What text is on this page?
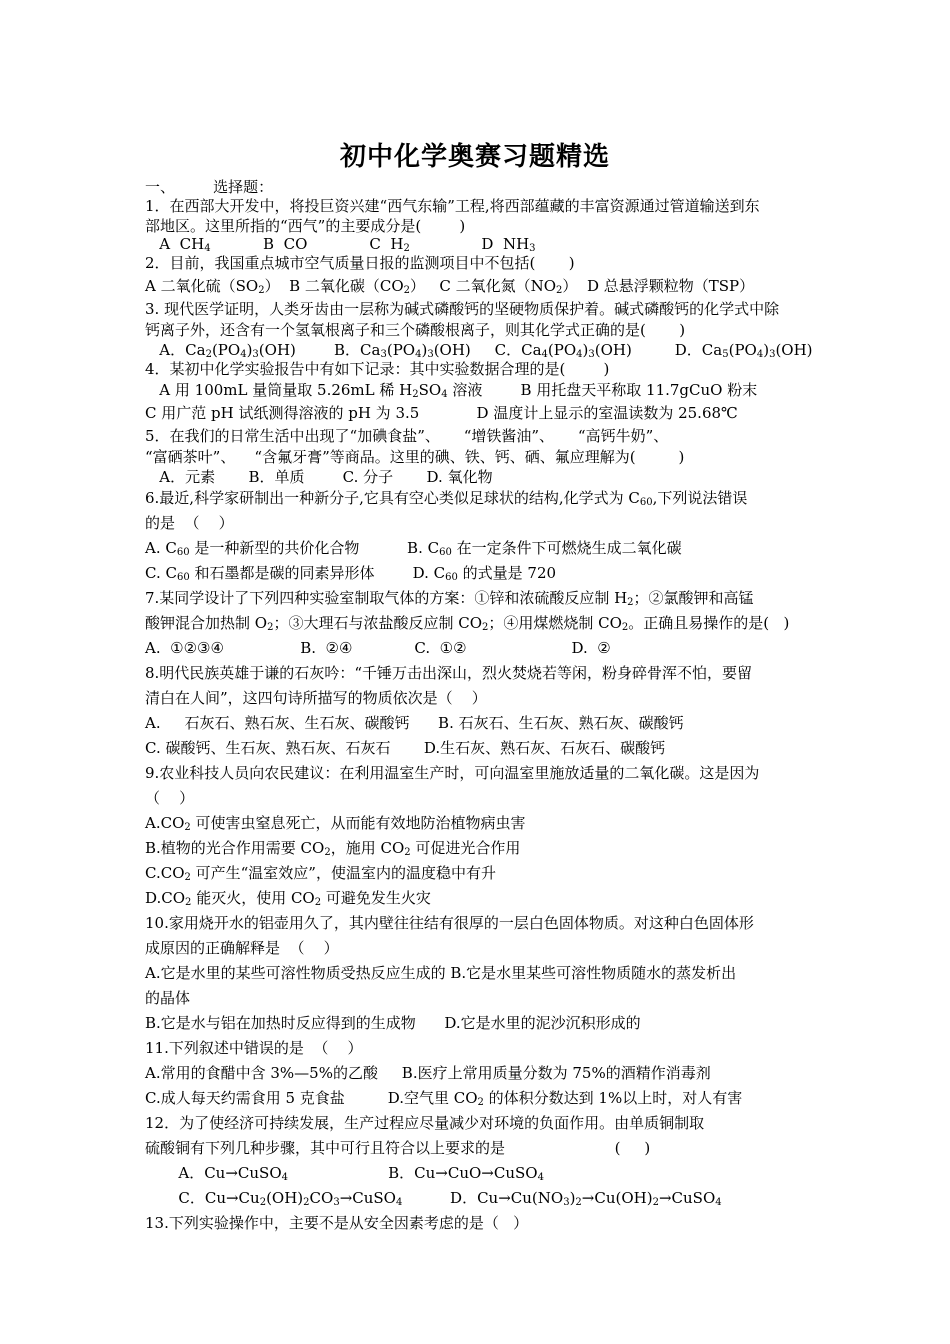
初中化学奥赛习题精选
一、        选择题：
1．在西部大开发中，将投巨资兴建“西气东输”工程,将西部蕴藏的丰富资源通过管道输送到东
部地区。这里所指的“西气”的主要成分是(        )
A  $CH_4$           B  CO             C  $H_2$               D  $NH_3$
2．目前，我国重点城市空气质量日报的监测项目中不包括(       )
A 二氧化硫$(SO_2)$  B 二氧化碳$(CO_2)$   C 二氧化氮$(NO_2)$  D 总悬浮颗粒物（TSP）
3. 现代医学证明，人类牙齿由一层称为碱式磷酸钙的坚硬物质保护着。碱式磷酸钙的化学式中除
钙离子外，还含有一个氢氧根离子和三个磷酸根离子，则其化学式正确的是(       )
A．$Ca_2(PO_4)_3(OH)$        B．$Ca_3(PO_4)_3(OH)$     C．$Ca_4(PO_4)_3(OH)$         D．$Ca_5(PO_4)_3(OH)$
4．某初中化学实验报告中有如下记录：其中实验数据合理的是(        )
A 用 100mL 量筒量取 5.26mL 稀 $H_2SO_4$ 溶液        B 用托盘天平称取 11.7gCuO 粉末
C 用广范 pH 试纸测得溶液的 pH 为 3.5            D 温度计上显示的室温读数为 25.68℃
5．在我们的日常生活中出现了“加碘食盐”、     “增铁酱油”、     “高钙牛奶”、
“富硒茶叶”、    “含氟牙膏”等商品。这里的碘、铁、钙、硒、氟应理解为(         )
A．元素       B．单质        C. 分子       D. 氧化物
6.最近,科学家研制出一种新分子,它具有空心类似足球状的结构,化学式为 $C_{60}$,下列说法错误
的是  （    ）
A. $C_{60}$ 是一种新型的共价化合物          B. $C_{60}$ 在一定条件下可燃烧生成二氧化碳
C. $C_{60}$ 和石墨都是碳的同素异形体        D. $C_{60}$ 的式量是 720
7.某同学设计了下列四种实验室制取气体的方案：①锌和浓硫酸反应制 $H_2$；②氯酸钾和高锰
酸钾混合加热制 $O_2$；③大理石与浓盐酸反应制 $CO_2$；④用煤燃烧制 $CO_2$。正确且易操作的是(   )
A.  ①②③④                B.  ②④             C.  ①②                      D.  ②
8.明代民族英雄于谦的石灰吟：“千锤万击出深山，烈火焚烧若等闲，粉身碎骨浑不怕，要留
清白在人间”，这四句诗所描写的物质依次是（    ）
A.     石灰石、熟石灰、生石灰、碳酸钙      B. 石灰石、生石灰、熟石灰、碳酸钙
C. 碳酸钙、生石灰、熟石灰、石灰石       D.生石灰、熟石灰、石灰石、碳酸钙
9.农业科技人员向农民建议：在利用温室生产时，可向温室里施放适量的二氧化碳。这是因为
（    ）
$A.CO_2$ 可使害虫窒息死亡，从而能有效地防治植物病虫害
B.植物的光合作用需要 $CO_2$，施用 $CO_2$ 可促进光合作用
$C.CO_2$ 可产生“温室效应”，使温室内的温度稳中有升
$D.CO_2$ 能灭火，使用 $CO_2$ 可避免发生火灾
10.家用烧开水的铝壶用久了，其内壁往往结有很厚的一层白色固体物质。对这种白色固体形
成原因的正确解释是  （    ）
A.它是水里的某些可溶性物质受热反应生成的 B.它是水里某些可溶性物质随水的蒸发析出
的晶体
B.它是水与铝在加热时反应得到的生成物      D.它是水里的泥沙沉积形成的
11.下列叙述中错误的是  （    ）
A.常用的食醋中含 3%—5%的乙酸     B.医疗上常用质量分数为 75%的酒精作消毒剂
C.成人每天约需食用 5 克食盐         D.空气里 $CO_2$ 的体积分数达到 1%以上时，对人有害
12．为了使经济可持续发展，生产过程应尽量减少对环境的负面作用。由单质铜制取
硫酸铜有下列几种步骤，其中可行且符合以上要求的是                       (     )
A．Cu→CuSO$_4$                     B．Cu→CuO→CuSO$_4$
C．$Cu\to Cu_2(OH)_2CO_3\to CuSO_4$          D．$Cu\to Cu(NO_3)_2\to Cu(OH)_2\to CuSO_4$
13.下列实验操作中，主要不是从安全因素考虑的是（   ）
